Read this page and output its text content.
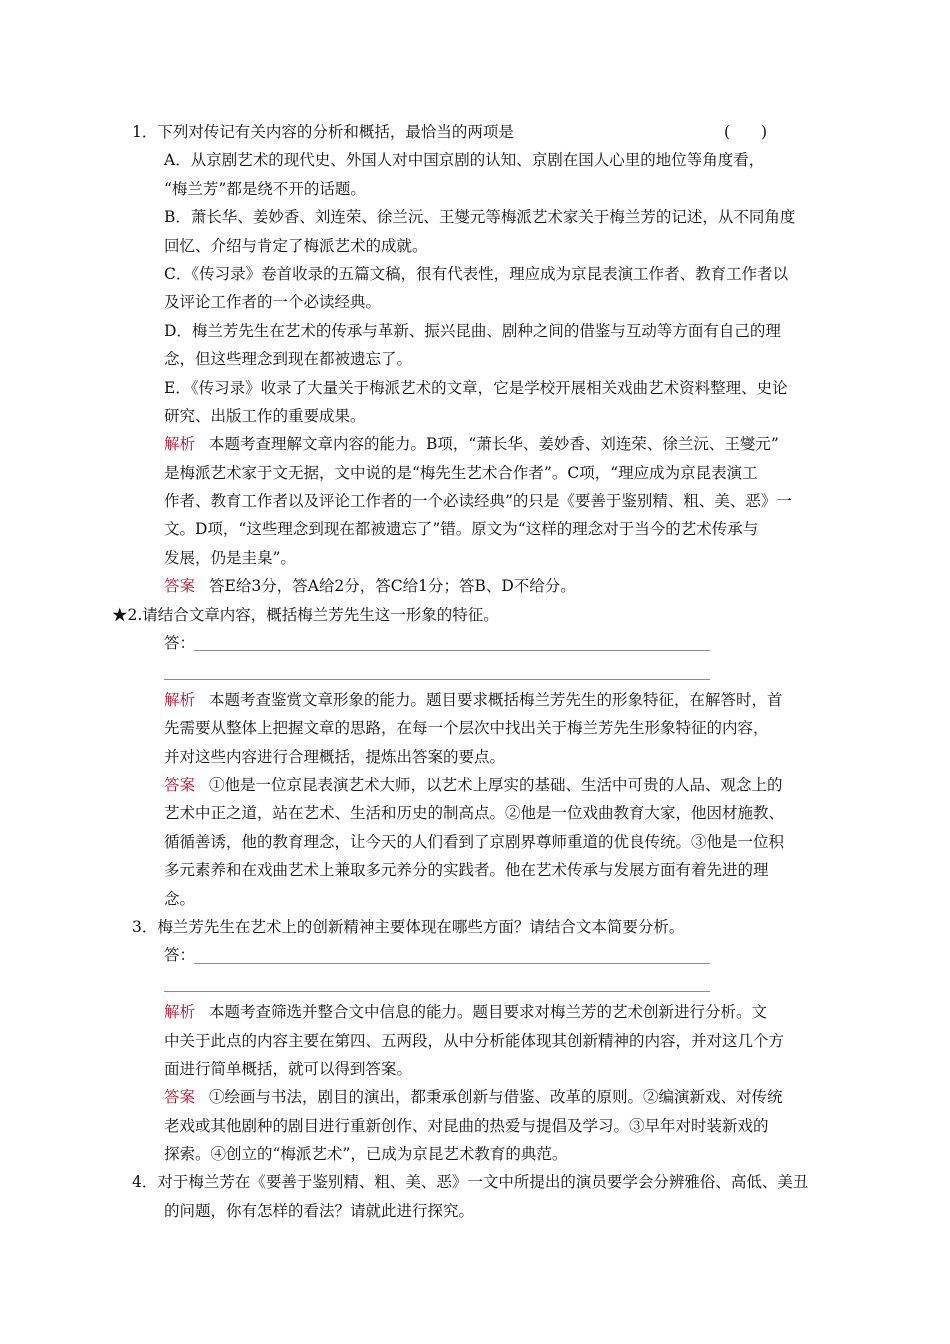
1．下列对传记有关内容的分析和概括，最恰当的两项是	(　　)
A．从京剧艺术的现代史、外国人对中国京剧的认知、京剧在国人心里的地位等角度看，
“梅兰芳”都是绕不开的话题。
B．萧长华、姜妙香、刘连荣、徐兰沅、王燮元等梅派艺术家关于梅兰芳的记述，从不同角度
回忆、介绍与肯定了梅派艺术的成就。
C．《传习录》卷首收录的五篇文稿，很有代表性，理应成为京昆表演工作者、教育工作者以
及评论工作者的一个必读经典。
D．梅兰芳先生在艺术的传承与革新、振兴昆曲、剧种之间的借鉴与互动等方面有自己的理
念，但这些理念到现在都被遗忘了。
E．《传习录》收录了大量关于梅派艺术的文章，它是学校开展相关戏曲艺术资料整理、史论
研究、出版工作的重要成果。
解析 本题考查理解文章内容的能力。B项，“萧长华、姜妙香、刘连荣、徐兰沅、王燮元”
是梅派艺术家于文无据，文中说的是“梅先生艺术合作者”。C项，“理应成为京昆表演工
作者、教育工作者以及评论工作者的一个必读经典”的只是《要善于鉴别精、粗、美、恶》一
文。D项，“这些理念到现在都被遗忘了”错。原文为“这样的理念对于当今的艺术传承与
发展，仍是圭臬”。
答案 答E给3分，答A给2分，答C给1分；答B、D不给分。
★2.请结合文章内容，概括梅兰芳先生这一形象的特征。
答：
解析 本题考查鉴赏文章形象的能力。题目要求概括梅兰芳先生的形象特征，在解答时，首
先需要从整体上把握文章的思路，在每一个层次中找出关于梅兰芳先生形象特征的内容，
并对这些内容进行合理概括，提炼出答案的要点。
答案 ①他是一位京昆表演艺术大师，以艺术上厚实的基础、生活中可贵的人品、观念上的
艺术中正之道，站在艺术、生活和历史的制高点。②他是一位戏曲教育大家，他因材施教、
循循善诱，他的教育理念，让今天的人们看到了京剧界尊师重道的优良传统。③他是一位积
多元素养和在戏曲艺术上兼取多元养分的实践者。他在艺术传承与发展方面有着先进的理
念。
3．梅兰芳先生在艺术上的创新精神主要体现在哪些方面？请结合文本简要分析。
答：
解析 本题考查筛选并整合文中信息的能力。题目要求对梅兰芳的艺术创新进行分析。文
中关于此点的内容主要在第四、五两段，从中分析能体现其创新精神的内容，并对这几个方
面进行简单概括，就可以得到答案。
答案 ①绘画与书法，剧目的演出，都秉承创新与借鉴、改革的原则。②编演新戏、对传统
老戏或其他剧种的剧目进行重新创作、对昆曲的热爱与提倡及学习。③早年对时装新戏的
探索。④创立的“梅派艺术”，已成为京昆艺术教育的典范。
4．对于梅兰芳在《要善于鉴别精、粗、美、恶》一文中所提出的演员要学会分辨雅俗、高低、美丑
的问题，你有怎样的看法？请就此进行探究。
